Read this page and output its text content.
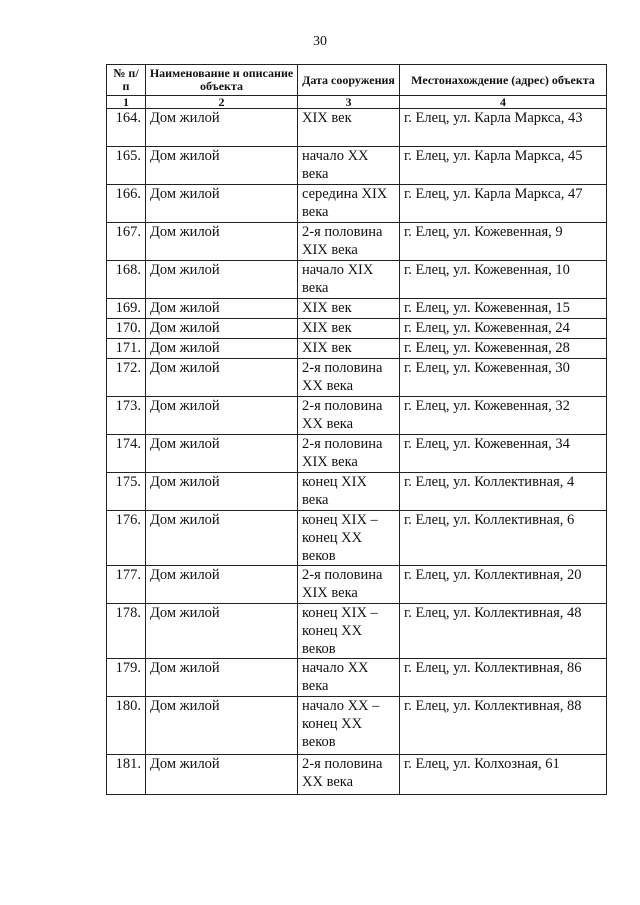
30
№ п/п	Наименование и описание объекта	Дата сооружения	Местонахождение (адрес) объекта
1	2	3	4
164.	Дом жилой	XIX век	г. Елец, ул. Карла Маркса, 43
165.	Дом жилой	начало XX века	г. Елец, ул. Карла Маркса, 45
166.	Дом жилой	середина XIX века	г. Елец, ул. Карла Маркса, 47
167.	Дом жилой	2-я половина XIX века	г. Елец, ул. Кожевенная, 9
168.	Дом жилой	начало XIX века	г. Елец, ул. Кожевенная, 10
169.	Дом жилой	XIX век	г. Елец, ул. Кожевенная, 15
170.	Дом жилой	XIX век	г. Елец, ул. Кожевенная, 24
171.	Дом жилой	XIX век	г. Елец, ул. Кожевенная, 28
172.	Дом жилой	2-я половина XX века	г. Елец, ул. Кожевенная, 30
173.	Дом жилой	2-я половина XX века	г. Елец, ул. Кожевенная, 32
174.	Дом жилой	2-я половина XIX века	г. Елец, ул. Кожевенная, 34
175.	Дом жилой	конец XIX века	г. Елец, ул. Коллективная, 4
176.	Дом жилой	конец XIX – конец XX веков	г. Елец, ул. Коллективная, 6
177.	Дом жилой	2-я половина XIX века	г. Елец, ул. Коллективная, 20
178.	Дом жилой	конец XIX – конец XX веков	г. Елец, ул. Коллективная, 48
179.	Дом жилой	начало XX века	г. Елец, ул. Коллективная, 86
180.	Дом жилой	начало XX – конец XX веков	г. Елец, ул. Коллективная, 88
181.	Дом жилой	2-я половина XX века	г. Елец, ул. Колхозная, 61
